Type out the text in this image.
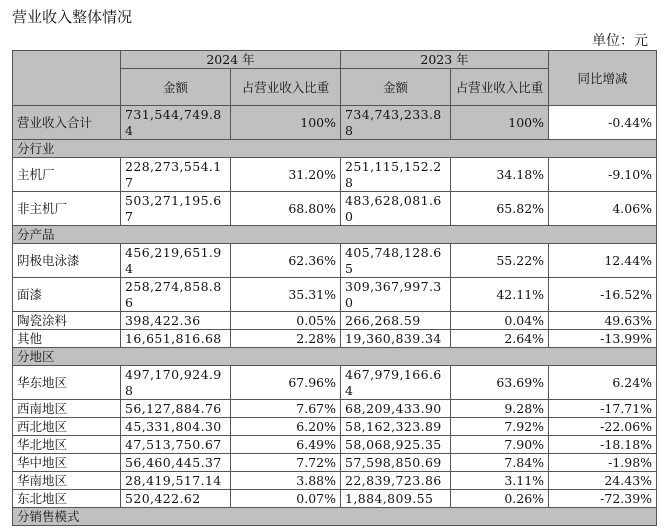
营业收入整体情况
单位：元
	2024 年		2023 年		同比增减
	金额	占营业收入比重	金额	占营业收入比重	
营业收入合计	731,544,749.84	100%	734,743,233.88	100%	-0.44%
分行业					
主机厂	228,273,554.17	31.20%	251,115,152.28	34.18%	-9.10%
非主机厂	503,271,195.67	68.80%	483,628,081.60	65.82%	4.06%
分产品					
阴极电泳漆	456,219,651.94	62.36%	405,748,128.65	55.22%	12.44%
面漆	258,274,858.86	35.31%	309,367,997.30	42.11%	-16.52%
陶瓷涂料	398,422.36	0.05%	266,268.59	0.04%	49.63%
其他	16,651,816.68	2.28%	19,360,839.34	2.64%	-13.99%
分地区					
华东地区	497,170,924.98	67.96%	467,979,166.64	63.69%	6.24%
西南地区	56,127,884.76	7.67%	68,209,433.90	9.28%	-17.71%
西北地区	45,331,804.30	6.20%	58,162,323.89	7.92%	-22.06%
华北地区	47,513,750.67	6.49%	58,068,925.35	7.90%	-18.18%
华中地区	56,460,445.37	7.72%	57,598,850.69	7.84%	-1.98%
华南地区	28,419,517.14	3.88%	22,839,723.86	3.11%	24.43%
东北地区	520,422.62	0.07%	1,884,809.55	0.26%	-72.39%
分销售模式					
